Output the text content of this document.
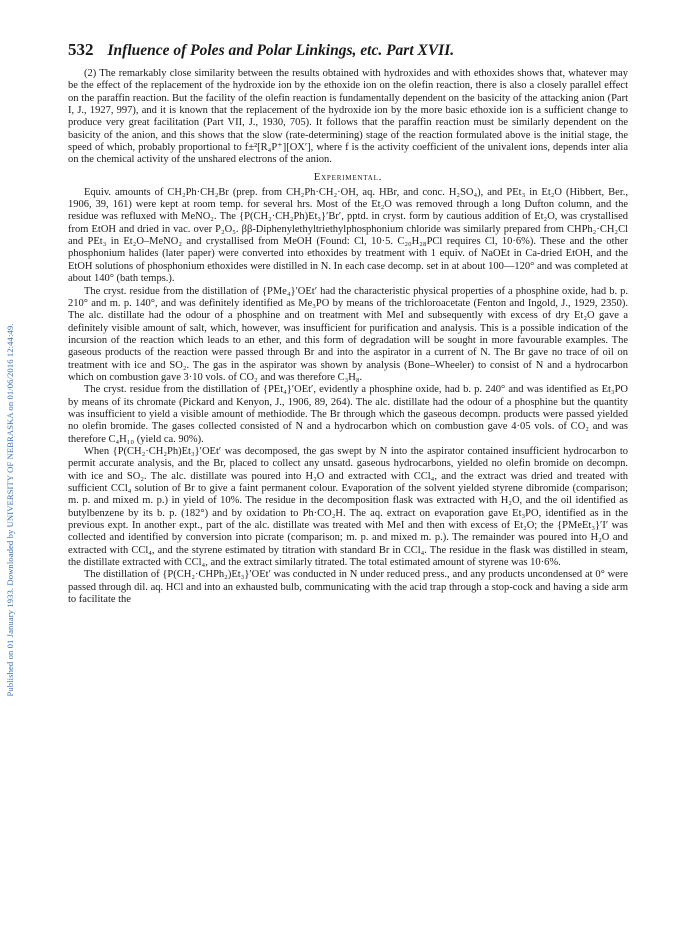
Published on 01 January 1933. Downloaded by UNIVERSITY OF NEBRASKA on 01/06/2016 12:44:49.
532 Influence of Poles and Polar Linkings, etc. Part XVII.

(2) The remarkably close similarity between the results obtained with hydroxides and with ethoxides shows that, whatever may be the effect of the replacement of the hydroxide ion by the ethoxide ion on the olefin reaction, there is also a closely parallel effect on the paraffin reaction. But the facility of the olefin reaction is fundamentally dependent on the basicity of the attacking anion (Part I, J., 1927, 997), and it is known that the replacement of the hydroxide ion by the more basic ethoxide ion is a sufficient change to produce very great facilitation (Part VII, J., 1930, 705). It follows that the paraffin reaction must be similarly dependent on the basicity of the anion, and this shows that the slow (rate-determining) stage of the reaction formulated above is the initial stage, the speed of which, probably proportional to f±²[R₄P⁺][OX′], where f is the activity coefficient of the univalent ions, depends inter alia on the chemical activity of the unshared electrons of the anion.

Experimental.

Equiv. amounts of CH₂Ph·CH₂Br (prep. from CH₂Ph·CH₂·OH, aq. HBr, and conc. H₂SO₄), and PEt₃ in Et₂O (Hibbert, Ber., 1906, 39, 161) were kept at room temp. for several hrs. Most of the Et₂O was removed through a long Dufton column, and the residue was refluxed with MeNO₂. The {P(CH₂·CH₂Ph)Et₃}′Br′, pptd. in cryst. form by cautious addition of Et₂O, was crystallised from EtOH and dried in vac. over P₂O₅. ββ-Diphenylethyltriethylphosphonium chloride was similarly prepared from CHPh₂·CH₂Cl and PEt₃ in Et₂O–MeNO₂ and crystallised from MeOH (Found: Cl, 10·5. C₂₀H₂₈PCl requires Cl, 10·6%). These and the other phosphonium halides (later paper) were converted into ethoxides by treatment with 1 equiv. of NaOEt in Ca-dried EtOH, and the EtOH solutions of phosphonium ethoxides were distilled in N. In each case decomp. set in at about 100—120° and was completed at about 140° (bath temps.).

The cryst. residue from the distillation of {PMe₄}′OEt′ had the characteristic physical properties of a phosphine oxide, had b. p. 210° and m. p. 140°, and was definitely identified as Me₃PO by means of the trichloroacetate (Fenton and Ingold, J., 1929, 2350). The alc. distillate had the odour of a phosphine and on treatment with MeI and subsequently with excess of dry Et₂O gave a definitely visible amount of salt, which, however, was insufficient for purification and analysis. This is a possible indication of the incursion of the reaction which leads to an ether, and this form of degradation will be sought in more favourable examples. The gaseous products of the reaction were passed through Br and into the aspirator in a current of N. The Br gave no trace of oil on treatment with ice and SO₂. The gas in the aspirator was shown by analysis (Bone–Wheeler) to consist of N and a hydrocarbon which on combustion gave 3·10 vols. of CO₂ and was therefore C₃H₈.

The cryst. residue from the distillation of {PEt₄}′OEt′, evidently a phosphine oxide, had b. p. 240° and was identified as Et₃PO by means of its chromate (Pickard and Kenyon, J., 1906, 89, 264). The alc. distillate had the odour of a phosphine but the quantity was insufficient to yield a visible amount of methiodide. The Br through which the gaseous decompn. products were passed yielded no olefin bromide. The gases collected consisted of N and a hydrocarbon which on combustion gave 4·05 vols. of CO₂ and was therefore C₄H₁₀ (yield ca. 90%).

When {P(CH₂·CH₂Ph)Et₃}′OEt′ was decomposed, the gas swept by N into the aspirator contained insufficient hydrocarbon to permit accurate analysis, and the Br, placed to collect any unsatd. gaseous hydrocarbons, yielded no olefin bromide on decompn. with ice and SO₂. The alc. distillate was poured into H₂O and extracted with CCl₄, and the extract was dried and treated with sufficient CCl₄ solution of Br to give a faint permanent colour. Evaporation of the solvent yielded styrene dibromide (comparison; m. p. and mixed m. p.) in yield of 10%. The residue in the decomposition flask was extracted with H₂O, and the oil identified as butylbenzene by its b. p. (182°) and by oxidation to Ph·CO₂H. The aq. extract on evaporation gave Et₃PO, identified as in the previous expt. In another expt., part of the alc. distillate was treated with MeI and then with excess of Et₂O; the {PMeEt₃}′I′ was collected and identified by conversion into picrate (comparison; m. p. and mixed m. p.). The remainder was poured into H₂O and extracted with CCl₄, and the styrene estimated by titration with standard Br in CCl₄. The residue in the flask was distilled in steam, the distillate extracted with CCl₄, and the extract similarly titrated. The total estimated amount of styrene was 10·6%.

The distillation of {P(CH₂·CHPh₂)Et₃}′OEt′ was conducted in N under reduced press., and any products uncondensed at 0° were passed through dil. aq. HCl and into an exhausted bulb, communicating with the acid trap through a stop-cock and having a side arm to facilitate the
